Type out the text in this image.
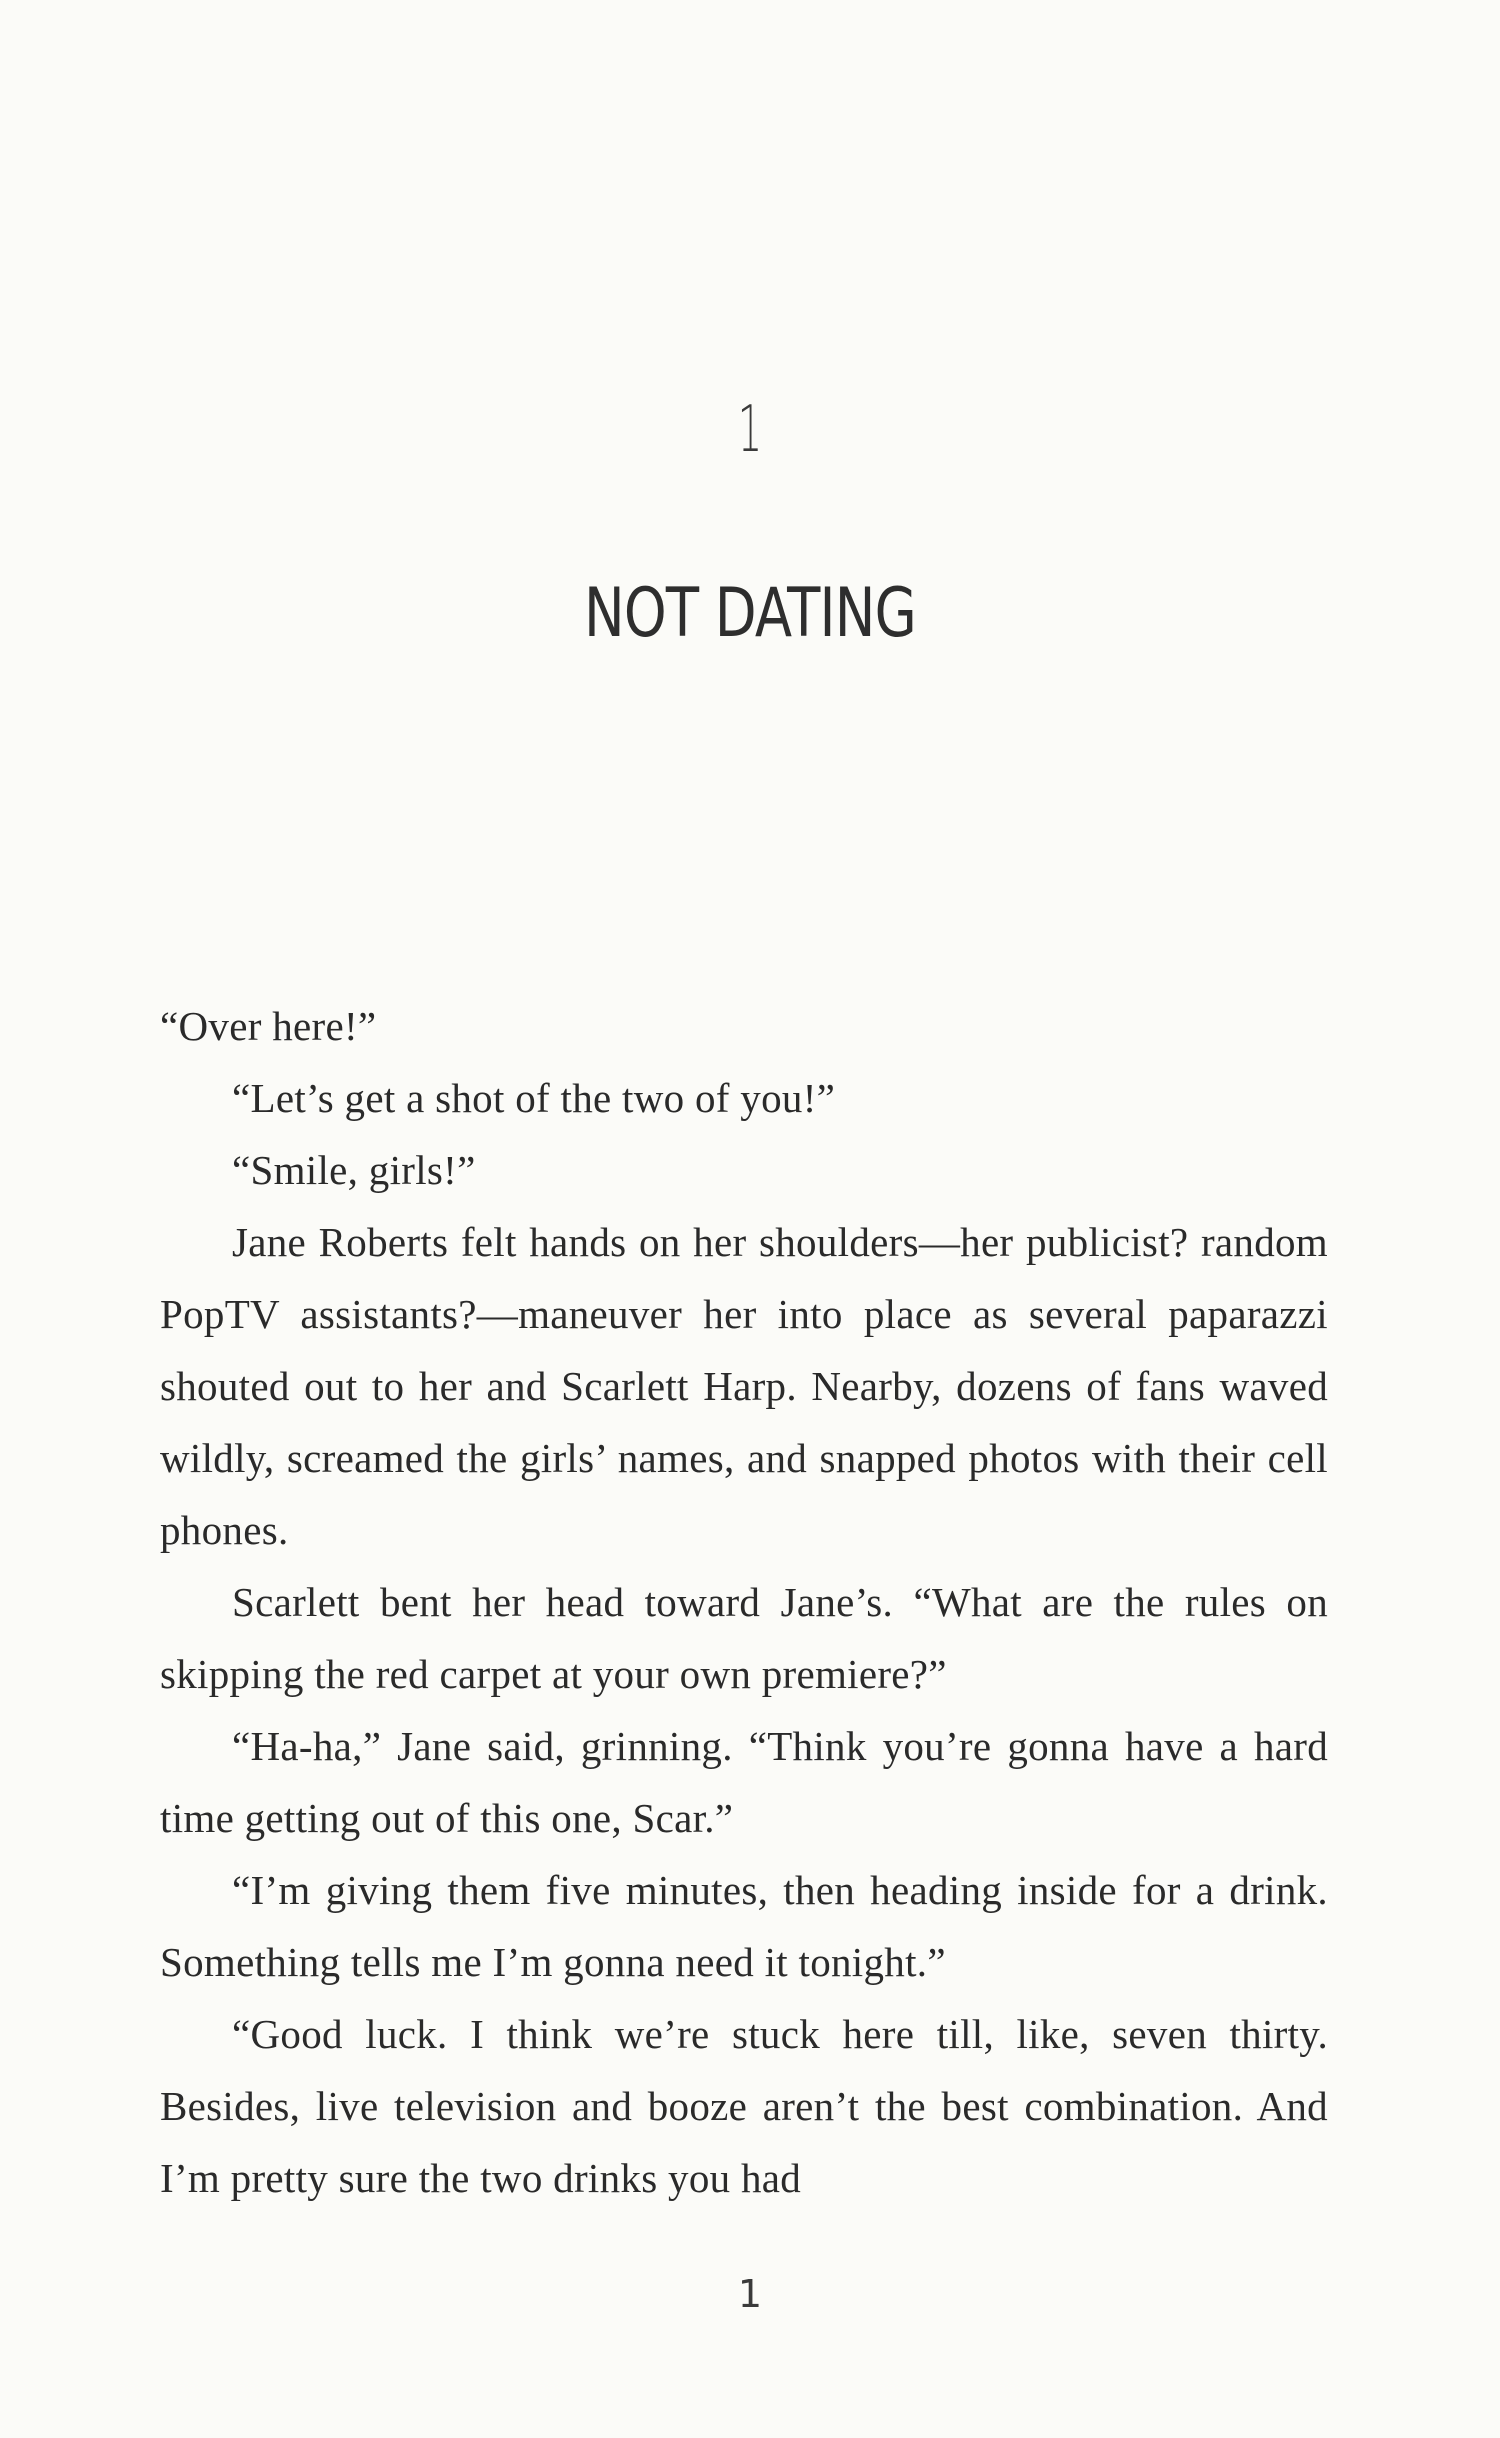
1
NOT DATING

“Over here!”

“Let’s get a shot of the two of you!”

“Smile, girls!”

Jane Roberts felt hands on her shoulders—her publicist? random PopTV assistants?—maneuver her into place as several paparazzi shouted out to her and Scarlett Harp. Nearby, dozens of fans waved wildly, screamed the girls’ names, and snapped photos with their cell phones.

Scarlett bent her head toward Jane’s. “What are the rules on skipping the red carpet at your own premiere?”

“Ha-ha,” Jane said, grinning. “Think you’re gonna have a hard time getting out of this one, Scar.”

“I’m giving them five minutes, then heading inside for a drink. Something tells me I’m gonna need it tonight.”

“Good luck. I think we’re stuck here till, like, seven thirty. Besides, live television and booze aren’t the best combination. And I’m pretty sure the two drinks you had

1
